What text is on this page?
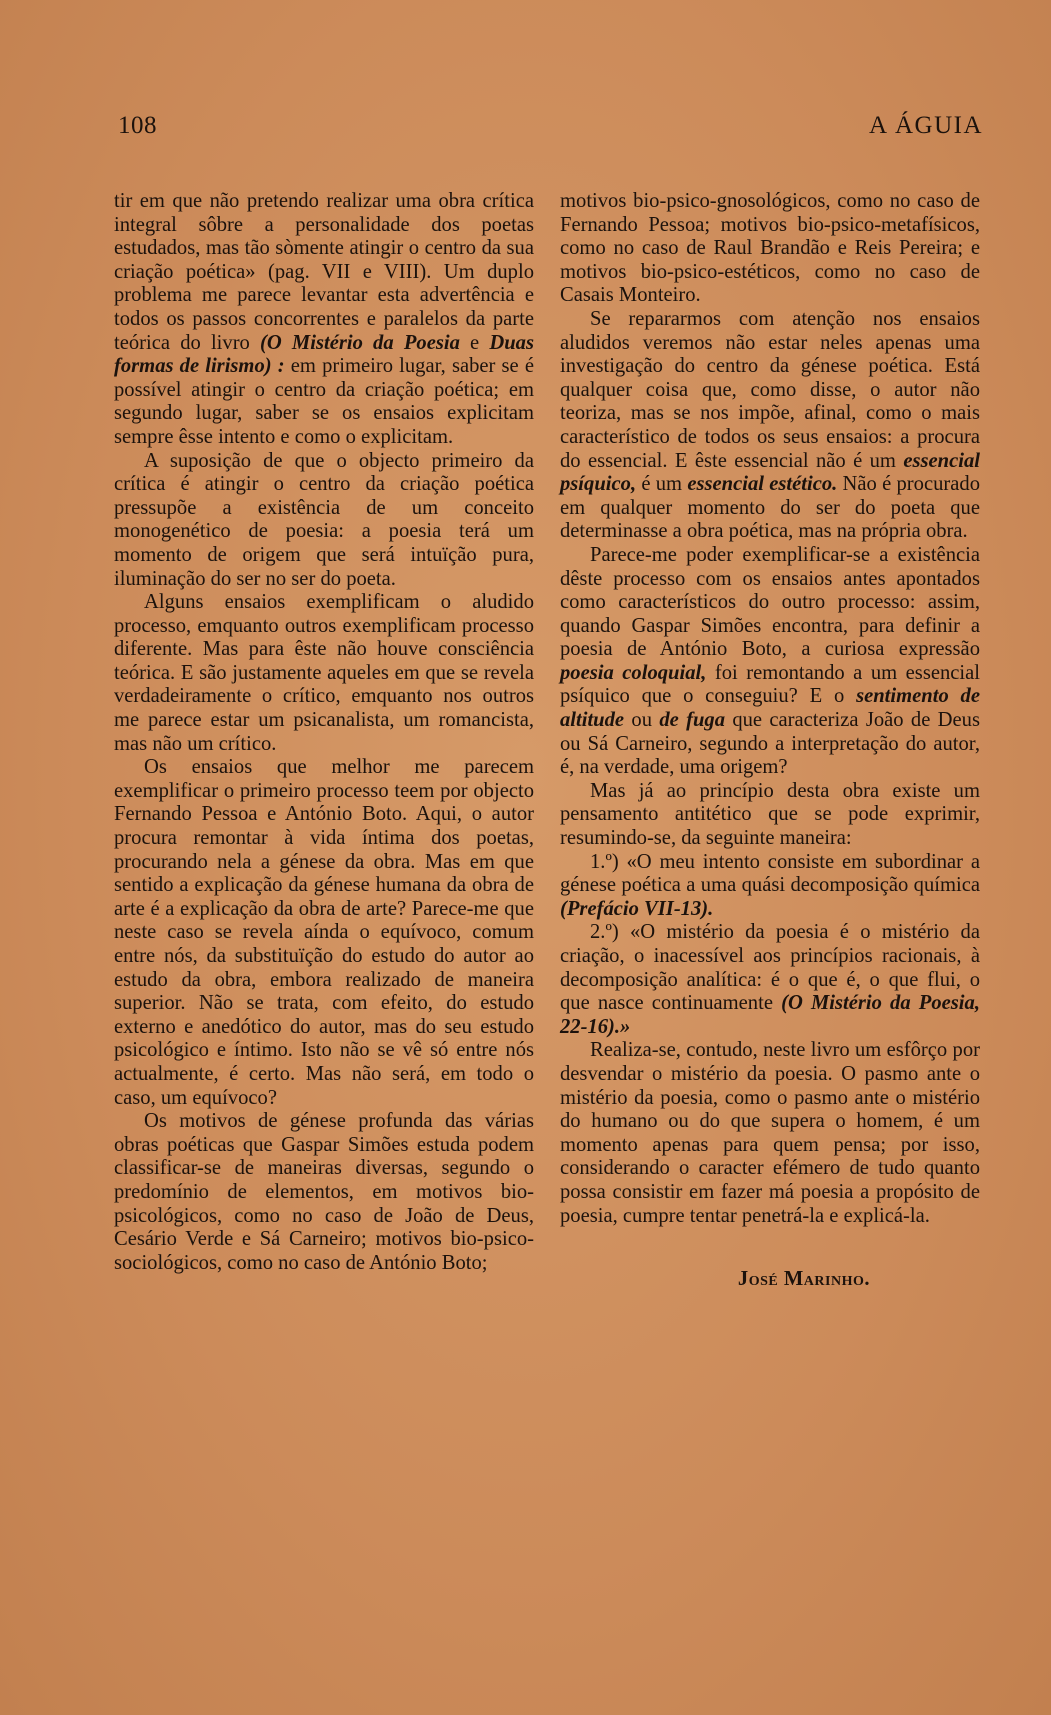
108	A ÁGUIA

tir em que não pretendo realizar uma obra crítica integral sôbre a personalidade dos poetas estudados, mas tão sòmente atingir o centro da sua criação poética» (pag. VII e VIII). Um duplo problema me parece levantar esta advertência e todos os passos concorrentes e paralelos da parte teórica do livro (O Mistério da Poesia e Duas formas de lirismo) : em primeiro lugar, saber se é possível atingir o centro da criação poética; em segundo lugar, saber se os ensaios explicitam sempre êsse intento e como o explicitam.

A suposição de que o objecto primeiro da crítica é atingir o centro da criação poética pressupõe a existência de um conceito monogenético de poesia: a poesia terá um momento de origem que será intuïção pura, iluminação do ser no ser do poeta.

Alguns ensaios exemplificam o aludido processo, emquanto outros exemplificam processo diferente. Mas para êste não houve consciência teórica. E são justamente aqueles em que se revela verdadeiramente o crítico, emquanto nos outros me parece estar um psicanalista, um romancista, mas não um crítico.

Os ensaios que melhor me parecem exemplificar o primeiro processo teem por objecto Fernando Pessoa e António Boto. Aqui, o autor procura remontar à vida íntima dos poetas, procurando nela a génese da obra. Mas em que sentido a explicação da génese humana da obra de arte é a explicação da obra de arte? Parece-me que neste caso se revela aínda o equívoco, comum entre nós, da substituïção do estudo do autor ao estudo da obra, embora realizado de maneira superior. Não se trata, com efeito, do estudo externo e anedótico do autor, mas do seu estudo psicológico e íntimo. Isto não se vê só entre nós actualmente, é certo. Mas não será, em todo o caso, um equívoco?

Os motivos de génese profunda das várias obras poéticas que Gaspar Simões estuda podem classificar-se de maneiras diversas, segundo o predomínio de elementos, em motivos bio-psicológicos, como no caso de João de Deus, Cesário Verde e Sá Carneiro; motivos bio-psico-sociológicos, como no caso de António Boto;

motivos bio-psico-gnosológicos, como no caso de Fernando Pessoa; motivos bio-psico-metafísicos, como no caso de Raul Brandão e Reis Pereira; e motivos bio-psico-estéticos, como no caso de Casais Monteiro.

Se repararmos com atenção nos ensaios aludidos veremos não estar neles apenas uma investigação do centro da génese poética. Está qualquer coisa que, como disse, o autor não teoriza, mas se nos impõe, afinal, como o mais característico de todos os seus ensaios: a procura do essencial. E êste essencial não é um essencial psíquico, é um essencial estético. Não é procurado em qualquer momento do ser do poeta que determinasse a obra poética, mas na própria obra.

Parece-me poder exemplificar-se a existência dêste processo com os ensaios antes apontados como característicos do outro processo: assim, quando Gaspar Simões encontra, para definir a poesia de António Boto, a curiosa expressão poesia coloquial, foi remontando a um essencial psíquico que o conseguiu? E o sentimento de altitude ou de fuga que caracteriza João de Deus ou Sá Carneiro, segundo a interpretação do autor, é, na verdade, uma origem?

Mas já ao princípio desta obra existe um pensamento antitético que se pode exprimir, resumindo-se, da seguinte maneira:

1.º) «O meu intento consiste em subordinar a génese poética a uma quási decomposição química (Prefácio VII-13).

2.º) «O mistério da poesia é o mistério da criação, o inacessível aos princípios racionais, à decomposição analítica: é o que é, o que flui, o que nasce continuamente (O Mistério da Poesia, 22-16).»

Realiza-se, contudo, neste livro um esfôrço por desvendar o mistério da poesia. O pasmo ante o mistério da poesia, como o pasmo ante o mistério do humano ou do que supera o homem, é um momento apenas para quem pensa; por isso, considerando o caracter efémero de tudo quanto possa consistir em fazer má poesia a propósito de poesia, cumpre tentar penetrá-la e explicá-la.

José Marinho.
